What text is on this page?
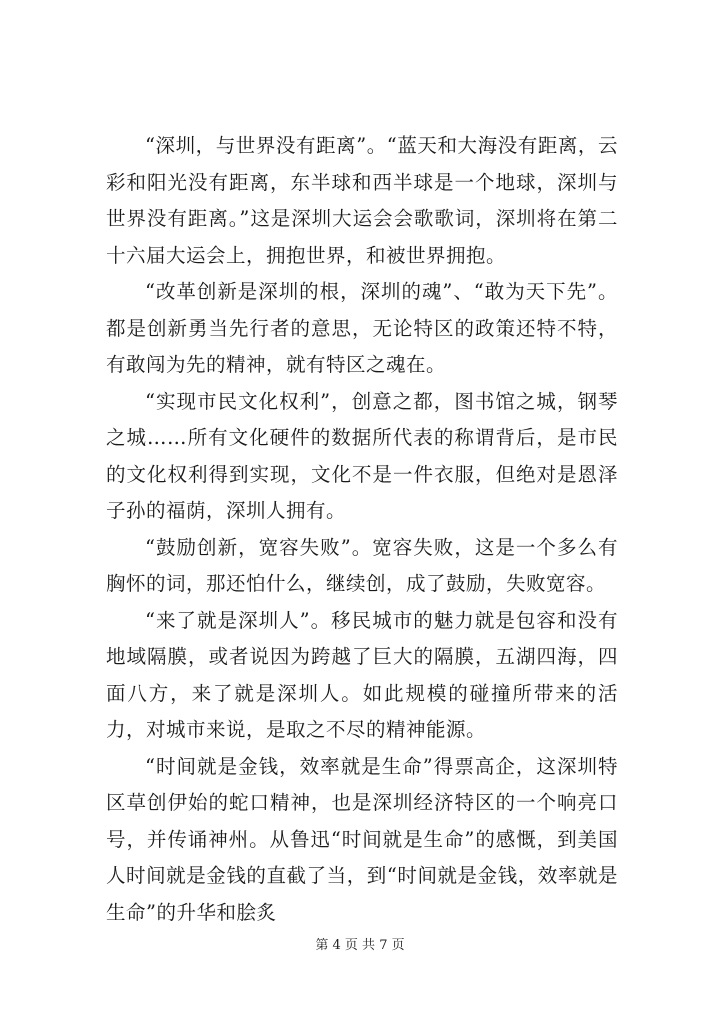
“深圳，与世界没有距离”。“蓝天和大海没有距离，云彩和阳光没有距离，东半球和西半球是一个地球，深圳与世界没有距离。”这是深圳大运会会歌歌词，深圳将在第二十六届大运会上，拥抱世界，和被世界拥抱。

“改革创新是深圳的根，深圳的魂”、“敢为天下先”。都是创新勇当先行者的意思，无论特区的政策还特不特，有敢闯为先的精神，就有特区之魂在。

“实现市民文化权利”，创意之都，图书馆之城，钢琴之城……所有文化硬件的数据所代表的称谓背后，是市民的文化权利得到实现，文化不是一件衣服，但绝对是恩泽子孙的福荫，深圳人拥有。

“鼓励创新，宽容失败”。宽容失败，这是一个多么有胸怀的词，那还怕什么，继续创，成了鼓励，失败宽容。

“来了就是深圳人”。移民城市的魅力就是包容和没有地域隔膜，或者说因为跨越了巨大的隔膜，五湖四海，四面八方，来了就是深圳人。如此规模的碰撞所带来的活力，对城市来说，是取之不尽的精神能源。

“时间就是金钱，效率就是生命”得票高企，这深圳特区草创伊始的蛇口精神，也是深圳经济特区的一个响亮口号，并传诵神州。从鲁迅“时间就是生命”的感慨，到美国人时间就是金钱的直截了当，到“时间就是金钱，效率就是生命”的升华和脍炙

第 4 页 共 7 页
